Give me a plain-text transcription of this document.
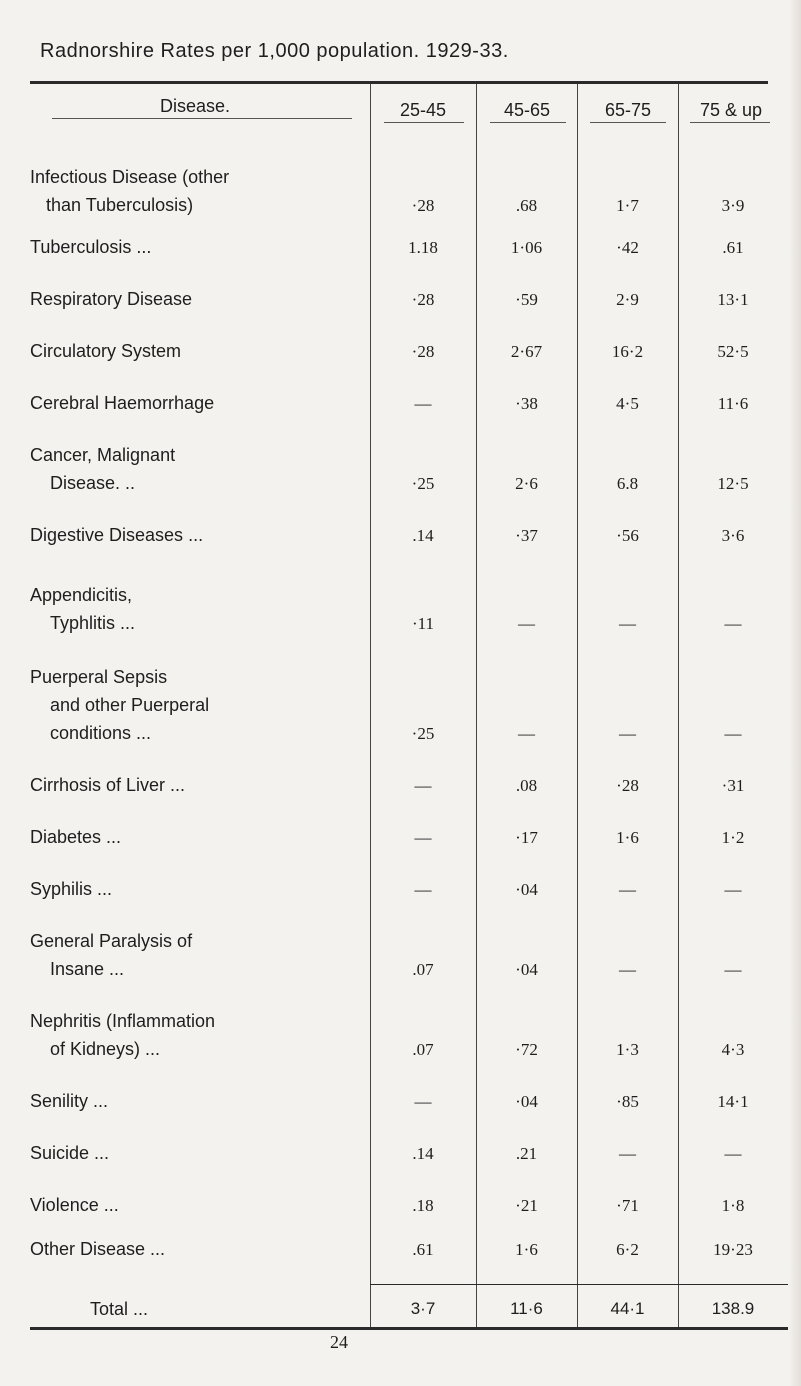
Radnorshire Rates per 1,000 population. 1929-33.
Disease.	25-45	45-65	65-75	75 & up
Infectious Disease (other
than Tuberculosis)	·28	.68	1·7	3·9
Tuberculosis ...	1.18	1·06	·42	.61
Respiratory Disease	·28	·59	2·9	13·1
Circulatory System	·28	2·67	16·2	52·5
Cerebral Haemorrhage	—	·38	4·5	11·6
Cancer, Malignant
Disease. ..	·25	2·6	6.8	12·5
Digestive Diseases ...	.14	·37	·56	3·6
Appendicitis,
Typhlitis ...	·11	—	—	—
Puerperal Sepsis
and other Puerperal
conditions ...	·25	—	—	—
Cirrhosis of Liver ...	—	.08	·28	·31
Diabetes ...	—	·17	1·6	1·2
Syphilis ...	—	·04	—	—
General Paralysis of
Insane ...	.07	·04	—	—
Nephritis (Inflammation
of Kidneys) ...	.07	·72	1·3	4·3
Senility ...	—	·04	·85	14·1
Suicide ...	.14	.21	—	—
Violence ...	.18	·21	·71	1·8
Other Disease ...	.61	1·6	6·2	19·23
Total ...	3·7	11·6	44·1	138.9
24
